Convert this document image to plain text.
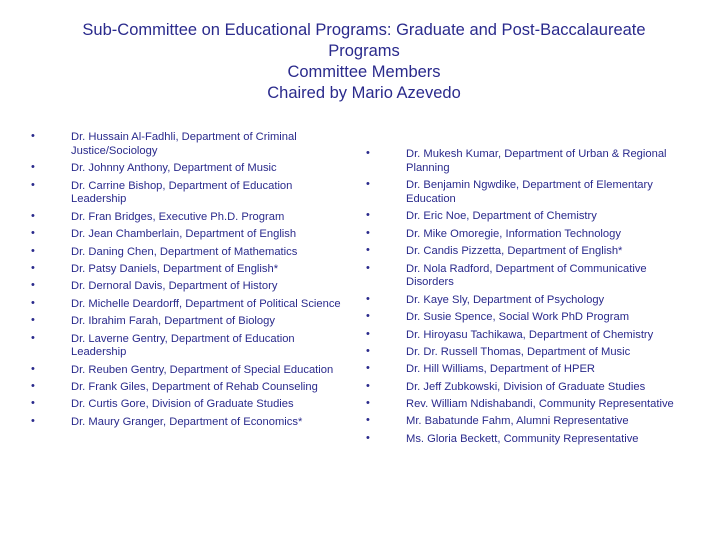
Sub-Committee on Educational Programs: Graduate and Post-Baccalaureate
Programs
Committee Members
Chaired by Mario Azevedo
•	Dr. Hussain Al-Fadhli, Department of Criminal Justice/Sociology
•	Dr. Johnny Anthony, Department of Music
•	Dr. Carrine Bishop, Department of Education Leadership
•	Dr. Fran Bridges, Executive Ph.D. Program
•	Dr. Jean Chamberlain, Department of English
•	Dr. Daning Chen, Department of Mathematics
•	Dr. Patsy Daniels, Department of English*
•	Dr. Dernoral Davis, Department of History
•	Dr. Michelle Deardorff, Department of Political Science
•	Dr. Ibrahim Farah, Department of Biology
•	Dr. Laverne Gentry, Department of Education Leadership
•	Dr. Reuben Gentry, Department of Special Education
•	Dr. Frank Giles, Department of Rehab Counseling
•	Dr. Curtis Gore, Division of Graduate Studies
•	Dr. Maury Granger, Department of Economics*
•	Dr. Mukesh Kumar, Department of Urban & Regional Planning
•	Dr. Benjamin Ngwdike, Department of Elementary Education
•	Dr. Eric Noe, Department of Chemistry
•	Dr. Mike Omoregie, Information Technology
•	Dr. Candis Pizzetta, Department of English*
•	Dr. Nola Radford, Department of Communicative Disorders
•	Dr. Kaye Sly, Department of Psychology
•	Dr. Susie Spence, Social Work PhD Program
•	Dr. Hiroyasu Tachikawa, Department of Chemistry
•	Dr. Dr. Russell Thomas, Department of Music
•	Dr. Hill Williams, Department of HPER
•	Dr. Jeff Zubkowski, Division of Graduate Studies
•	Rev. William Ndishabandi, Community Representative
•	Mr. Babatunde Fahm, Alumni Representative
•	Ms. Gloria Beckett, Community Representative
